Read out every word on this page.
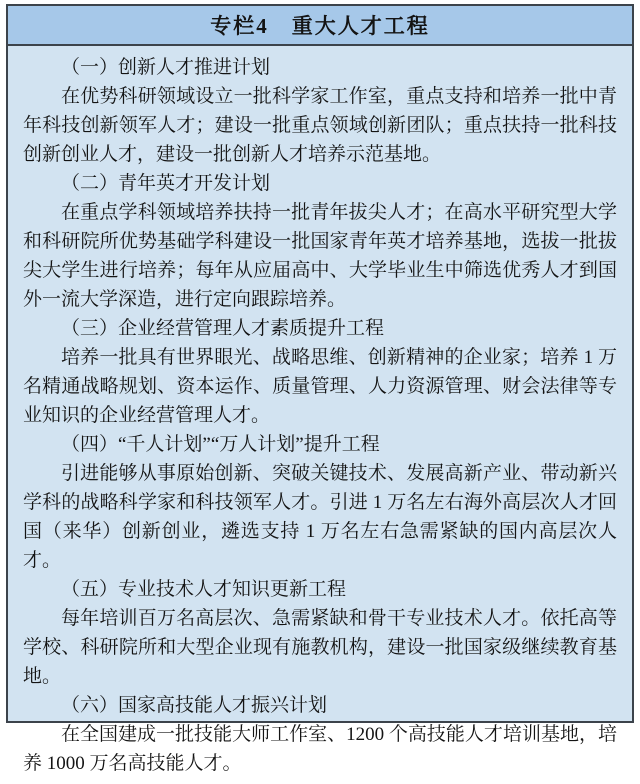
专栏4　重大人才工程

（一）创新人才推进计划

在优势科研领域设立一批科学家工作室，重点支持和培养一批中青年科技创新领军人才；建设一批重点领域创新团队；重点扶持一批科技创新创业人才，建设一批创新人才培养示范基地。

（二）青年英才开发计划

在重点学科领域培养扶持一批青年拔尖人才；在高水平研究型大学和科研院所优势基础学科建设一批国家青年英才培养基地，选拔一批拔尖大学生进行培养；每年从应届高中、大学毕业生中筛选优秀人才到国外一流大学深造，进行定向跟踪培养。

（三）企业经营管理人才素质提升工程

培养一批具有世界眼光、战略思维、创新精神的企业家；培养 1 万名精通战略规划、资本运作、质量管理、人力资源管理、财会法律等专业知识的企业经营管理人才。

（四）“千人计划”“万人计划”提升工程

引进能够从事原始创新、突破关键技术、发展高新产业、带动新兴学科的战略科学家和科技领军人才。引进 1 万名左右海外高层次人才回国（来华）创新创业，遴选支持 1 万名左右急需紧缺的国内高层次人才。

（五）专业技术人才知识更新工程

每年培训百万名高层次、急需紧缺和骨干专业技术人才。依托高等学校、科研院所和大型企业现有施教机构，建设一批国家级继续教育基地。

（六）国家高技能人才振兴计划

在全国建成一批技能大师工作室、1200 个高技能人才培训基地，培养 1000 万名高技能人才。
